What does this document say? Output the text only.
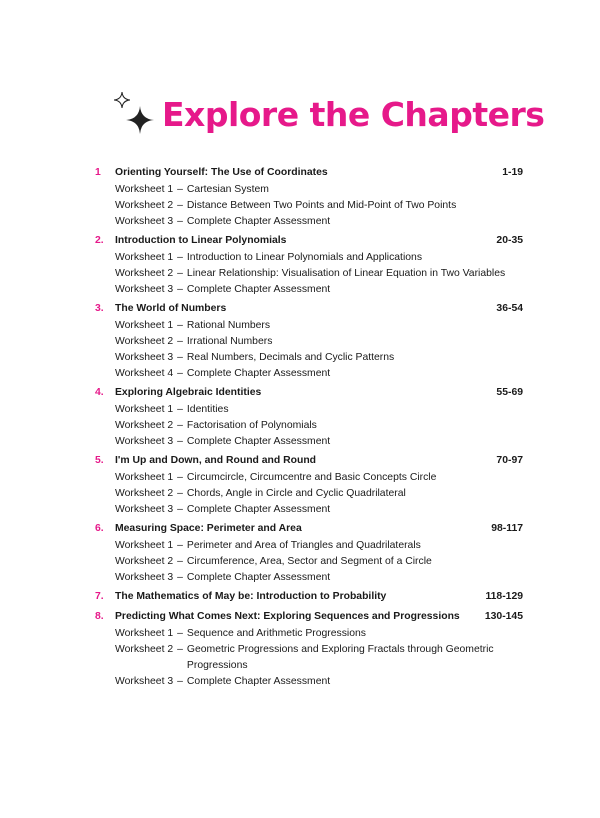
Explore the Chapters
1	Orienting Yourself: The Use of Coordinates	1-19
Worksheet 1 – Cartesian System
Worksheet 2 – Distance Between Two Points and Mid-Point of Two Points
Worksheet 3 – Complete Chapter Assessment
2.	Introduction to Linear Polynomials	20-35
Worksheet 1 – Introduction to Linear Polynomials and Applications
Worksheet 2 – Linear Relationship: Visualisation of Linear Equation in Two Variables
Worksheet 3 – Complete Chapter Assessment
3.	The World of Numbers	36-54
Worksheet 1 – Rational Numbers
Worksheet 2 – Irrational Numbers
Worksheet 3 – Real Numbers, Decimals and Cyclic Patterns
Worksheet 4 – Complete Chapter Assessment
4.	Exploring Algebraic Identities	55-69
Worksheet 1 – Identities
Worksheet 2 – Factorisation of Polynomials
Worksheet 3 – Complete Chapter Assessment
5.	I'm Up and Down, and Round and Round	70-97
Worksheet 1 – Circumcircle, Circumcentre and Basic Concepts Circle
Worksheet 2 – Chords, Angle in Circle and Cyclic Quadrilateral
Worksheet 3 – Complete Chapter Assessment
6.	Measuring Space: Perimeter and Area	98-117
Worksheet 1 – Perimeter and Area of Triangles and Quadrilaterals
Worksheet 2 – Circumference, Area, Sector and Segment of a Circle
Worksheet 3 – Complete Chapter Assessment
7.	The Mathematics of May be: Introduction to Probability	118-129
8.	Predicting What Comes Next: Exploring Sequences and Progressions	130-145
Worksheet 1 – Sequence and Arithmetic Progressions
Worksheet 2 – Geometric Progressions and Exploring Fractals through Geometric Progressions
Worksheet 3 – Complete Chapter Assessment
